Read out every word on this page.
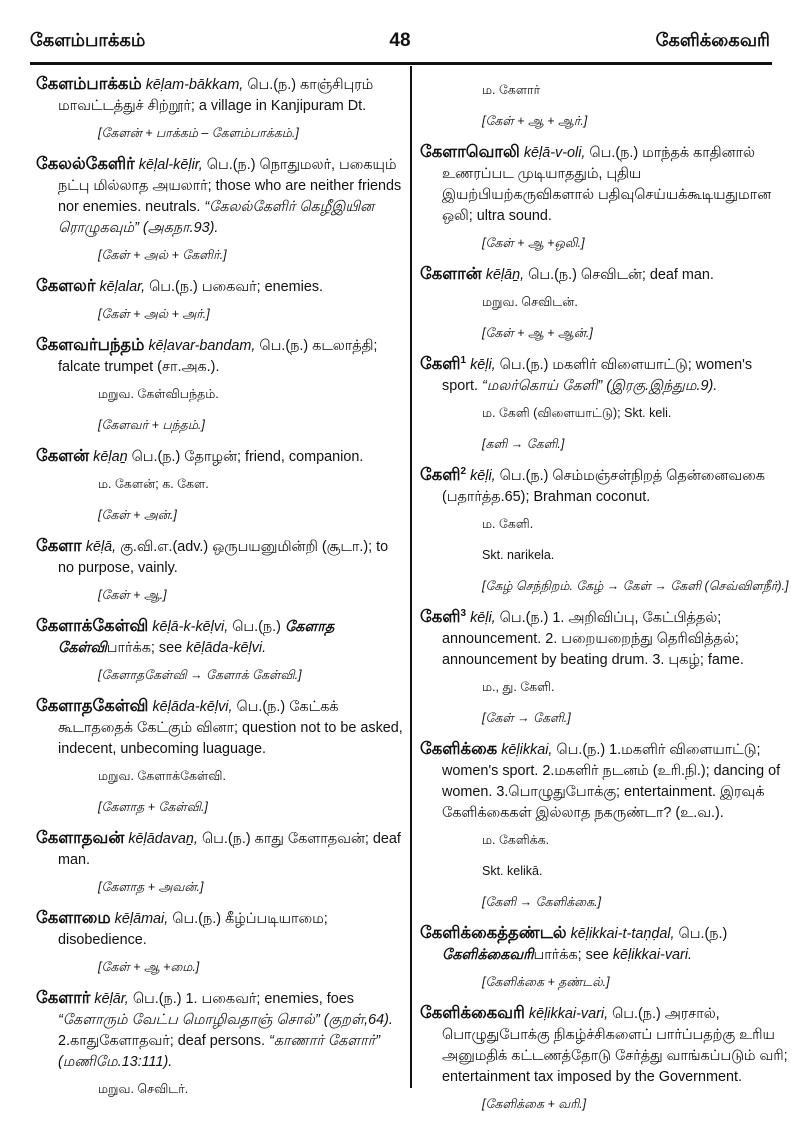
கேளம்பாக்கம்	48	கேளிக்கைவரி
கேளம்பாக்கம் kēḷam-bākkam, பெ.(ந.) காஞ்சிபுரம் மாவட்டத்துச் சிற்றூர்; a village in Kanjipuram Dt.
[கேளன் + பாக்கம் – கேளம்பாக்கம்.]
கேலல்கேளிர் kēḷal-kēḷir, பெ.(ந.) நொதுமலர், பகையும் நட்பு மில்லாத அயலார்; those who are neither friends nor enemies. neutrals. “கேலல்கேளிர் கெழீஇயின ரொழுகவும்” (அகநா.93).
[கேள் + அல் + கேளிர்.]
கேளலர் kēḷalar, பெ.(ந.) பகைவர்; enemies.
[கேள் + அல் + அர்.]
கேளவர்பந்தம் kēḷavar-bandam, பெ.(ந.) கடலாத்தி; falcate trumpet (சா.அக.).
மறுவ. கேள்விபந்தம்.
[கேளவர் + பந்தம்.]
கேளன் kēḷaṉ பெ.(ந.) தோழன்; friend, companion.
ம. கேளன்; க. கேள.
[கேள் + அன்.]
கேளா kēḷā, கு.வி.எ.(adv.) ஒருபயனுமின்றி (சூடா.); to no purpose, vainly.
[கேள் + ஆ.]
கேளாக்கேள்வி kēḷā-k-kēḷvi, பெ.(ந.) கேளாத கேள்விபார்க்க; see kēḷāda-kēḷvi.
[கேளாதகேள்வி → கேளாக் கேள்வி.]
கேளாதகேள்வி kēḷāda-kēḷvi, பெ.(ந.) கேட்கக் கூடாததைக் கேட்கும் வினா; question not to be asked, indecent, unbecoming luaguage.
மறுவ. கேளாக்கேள்வி.
[கேளாத + கேள்வி.]
கேளாதவன் kēḷādavaṉ, பெ.(ந.) காது கேளாதவன்; deaf man.
[கேளாத + அவன்.]
கேளாமை kēḷāmai, பெ.(ந.) கீழ்ப்படியாமை; disobedience.
[கேள் + ஆ +மை.]
கேளார் kēḷār, பெ.(ந.) 1. பகைவர்; enemies, foes “கேளாரும் வேட்ப மொழிவதாஞ் சொல்” (குறள்,64). 2.காதுகேளாதவர்; deaf persons. “காணார் கேளார்” (மணிமே.13:111).
மறுவ. செவிடர்.
ம. கேளார்
[கேள் + ஆ + ஆர்.]
கேளாவொலி kēḷā-v-oli, பெ.(ந.) மாந்தக் காதினால் உணரப்பட முடியாததும், புதிய இயற்பியற்கருவிகளால் பதிவுசெய்யக்கூடியதுமான ஒலி; ultra sound.
[கேள் + ஆ +ஒலி.]
கேளான் kēḷāṉ, பெ.(ந.) செவிடன்; deaf man.
மறுவ. செவிடன்.
[கேள் + ஆ + ஆன்.]
கேளி$^1$ kēḷi, பெ.(ந.) மகளிர் விளையாட்டு; women's sport. “மலர்கொய் கேளி” (இரகு.இந்தும.9).
ம. கேளி (விளையாட்டு); Skt. keli.
[களி → கேளி.]
கேளி$^2$ kēḷi, பெ.(ந.) செம்மஞ்சள்நிறத் தென்னைவகை (பதார்த்த.65); Brahman coconut.
ம. கேளி.
Skt. narikela.
[கேழ் செந்நிறம். கேழ் → கேள் → கேளி (செவ்விளநீர்).]
கேளி$^3$ kēḷi, பெ.(ந.) 1. அறிவிப்பு, கேட்பித்தல்; announcement. 2. பறையறைந்து தெரிவித்தல்; announcement by beating drum. 3. புகழ்; fame.
ம., து. கேளி.
[கேள் → கேளி.]
கேளிக்கை kēḷikkai, பெ.(ந.) 1.மகளிர் விளையாட்டு; women's sport. 2.மகளிர் நடனம் (உரி.நி.); dancing of women. 3.பொழுதுபோக்கு; entertainment. இரவுக் கேளிக்கைகள் இல்லாத நகருண்டா? (உ.வ.).
ம. கேளிக்க.
Skt. kelikā.
[கேளி → கேளிக்கை.]
கேளிக்கைத்தண்டல் kēḷikkai-t-taṇḍal, பெ.(ந.) கேளிக்கைவரிபார்க்க; see kēḷikkai-vari.
[கேளிக்கை + தண்டல்.]
கேளிக்கைவரி kēḷikkai-vari, பெ.(ந.) அரசால், பொழுதுபோக்கு நிகழ்ச்சிகளைப் பார்ப்பதற்கு உரிய அனுமதிக் கட்டணத்தோடு சேர்த்து வாங்கப்படும் வரி; entertainment tax imposed by the Government.
[கேளிக்கை + வரி.]
